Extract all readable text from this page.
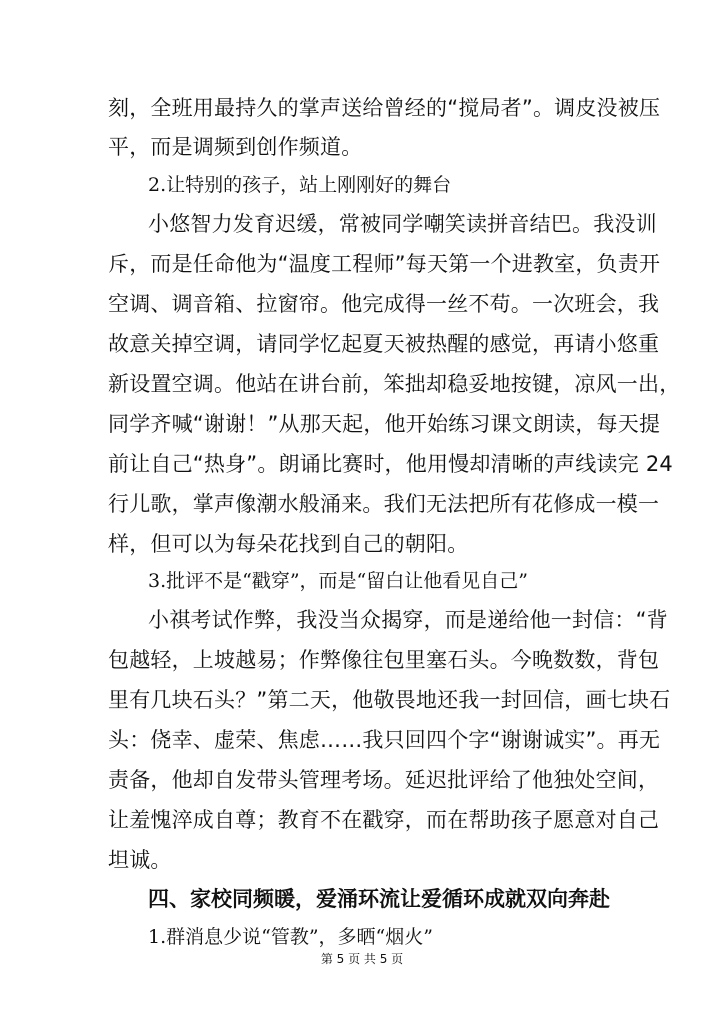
刻，全班用最持久的掌声送给曾经的“搅局者”。调皮没被压
平，而是调频到创作频道。
2.让特别的孩子，站上刚刚好的舞台
小悠智力发育迟缓，常被同学嘲笑读拼音结巴。我没训
斥，而是任命他为“温度工程师”每天第一个进教室，负责开
空调、调音箱、拉窗帘。他完成得一丝不苟。一次班会，我
故意关掉空调，请同学忆起夏天被热醒的感觉，再请小悠重
新设置空调。他站在讲台前，笨拙却稳妥地按键，凉风一出，
同学齐喊“谢谢！”从那天起，他开始练习课文朗读，每天提
前让自己“热身”。朗诵比赛时，他用慢却清晰的声线读完 24
行儿歌，掌声像潮水般涌来。我们无法把所有花修成一模一
样，但可以为每朵花找到自己的朝阳。
3.批评不是“戳穿”，而是“留白让他看见自己”
小祺考试作弊，我没当众揭穿，而是递给他一封信：“背
包越轻，上坡越易；作弊像往包里塞石头。今晚数数，背包
里有几块石头？”第二天，他敬畏地还我一封回信，画七块石
头：侥幸、虚荣、焦虑……我只回四个字“谢谢诚实”。再无
责备，他却自发带头管理考场。延迟批评给了他独处空间，
让羞愧淬成自尊；教育不在戳穿，而在帮助孩子愿意对自己
坦诚。
四、家校同频暖，爱涌环流让爱循环成就双向奔赴
1.群消息少说“管教”，多晒“烟火”
第 5 页 共 5 页
